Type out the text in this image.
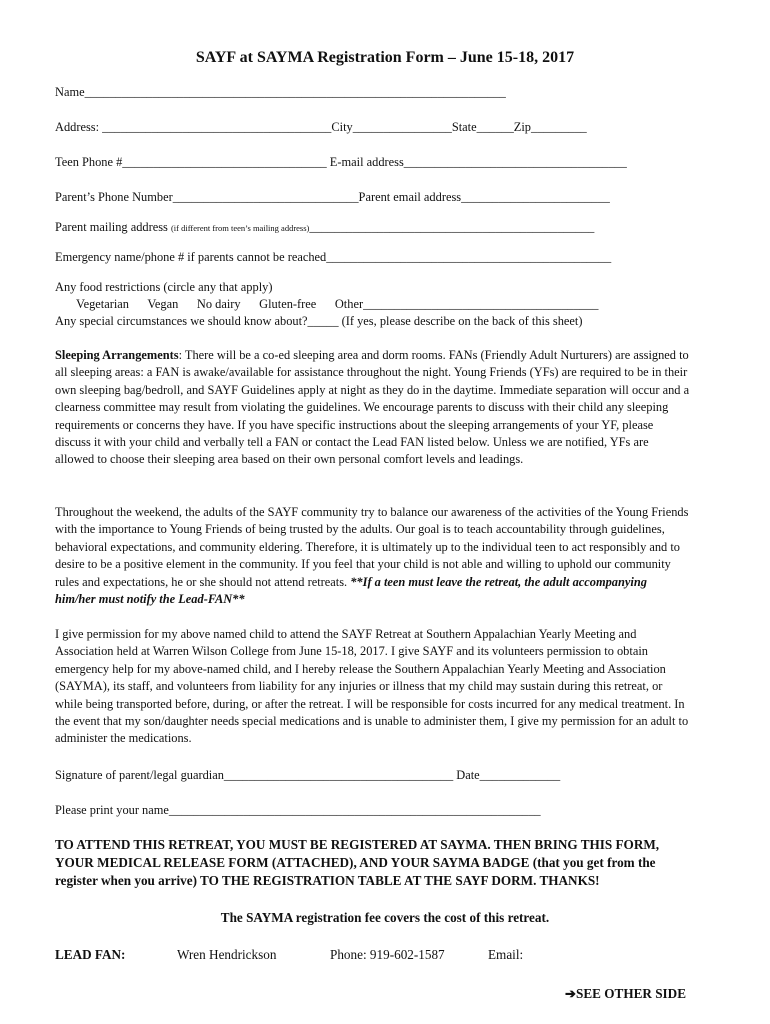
SAYF at SAYMA Registration Form – June 15-18, 2017
Name____________________________________________________________________
Address: _____________________________________City________________State______Zip_________
Teen Phone #_________________________________ E-mail address____________________________________
Parent’s Phone Number______________________________Parent email address________________________
Parent mailing address (if different from teen’s mailing address)______________________________________________
Emergency name/phone # if parents cannot be reached______________________________________________
Any food restrictions (circle any that apply)
Vegetarian      Vegan      No dairy      Gluten-free      Other______________________________________
Any special circumstances we should know about?_____ (If yes, please describe on the back of this sheet)
Sleeping Arrangements: There will be a co-ed sleeping area and dorm rooms. FANs (Friendly Adult Nurturers) are assigned to all sleeping areas: a FAN is awake/available for assistance throughout the night. Young Friends (YFs) are required to be in their own sleeping bag/bedroll, and SAYF Guidelines apply at night as they do in the daytime. Immediate separation will occur and a clearness committee may result from violating the guidelines. We encourage parents to discuss with their child any sleeping requirements or concerns they have. If you have specific instructions about the sleeping arrangements of your YF, please discuss it with your child and verbally tell a FAN or contact the Lead FAN listed below. Unless we are notified, YFs are allowed to choose their sleeping area based on their own personal comfort levels and leadings.
Throughout the weekend, the adults of the SAYF community try to balance our awareness of the activities of the Young Friends with the importance to Young Friends of being trusted by the adults. Our goal is to teach accountability through guidelines, behavioral expectations, and community eldering. Therefore, it is ultimately up to the individual teen to act responsibly and to desire to be a positive element in the community. If you feel that your child is not able and willing to uphold our community rules and expectations, he or she should not attend retreats. **If a teen must leave the retreat, the adult accompanying him/her must notify the Lead-FAN**
I give permission for my above named child to attend the SAYF Retreat at Southern Appalachian Yearly Meeting and Association held at Warren Wilson College from June 15-18, 2017. I give SAYF and its volunteers permission to obtain emergency help for my above-named child, and I hereby release the Southern Appalachian Yearly Meeting and Association (SAYMA), its staff, and volunteers from liability for any injuries or illness that my child may sustain during this retreat, or while being transported before, during, or after the retreat. I will be responsible for costs incurred for any medical treatment. In the event that my son/daughter needs special medications and is unable to administer them, I give my permission for an adult to administer the medications.
Signature of parent/legal guardian_____________________________________ Date_____________
Please print your name____________________________________________________________
TO ATTEND THIS RETREAT, YOU MUST BE REGISTERED AT SAYMA. THEN BRING THIS FORM, YOUR MEDICAL RELEASE FORM (ATTACHED), AND YOUR SAYMA BADGE (that you get from the register when you arrive) TO THE REGISTRATION TABLE AT THE SAYF DORM. THANKS!
The SAYMA registration fee covers the cost of this retreat.
LEAD FAN:	Wren Hendrickson	Phone: 919-602-1587	Email:
➔SEE OTHER SIDE
